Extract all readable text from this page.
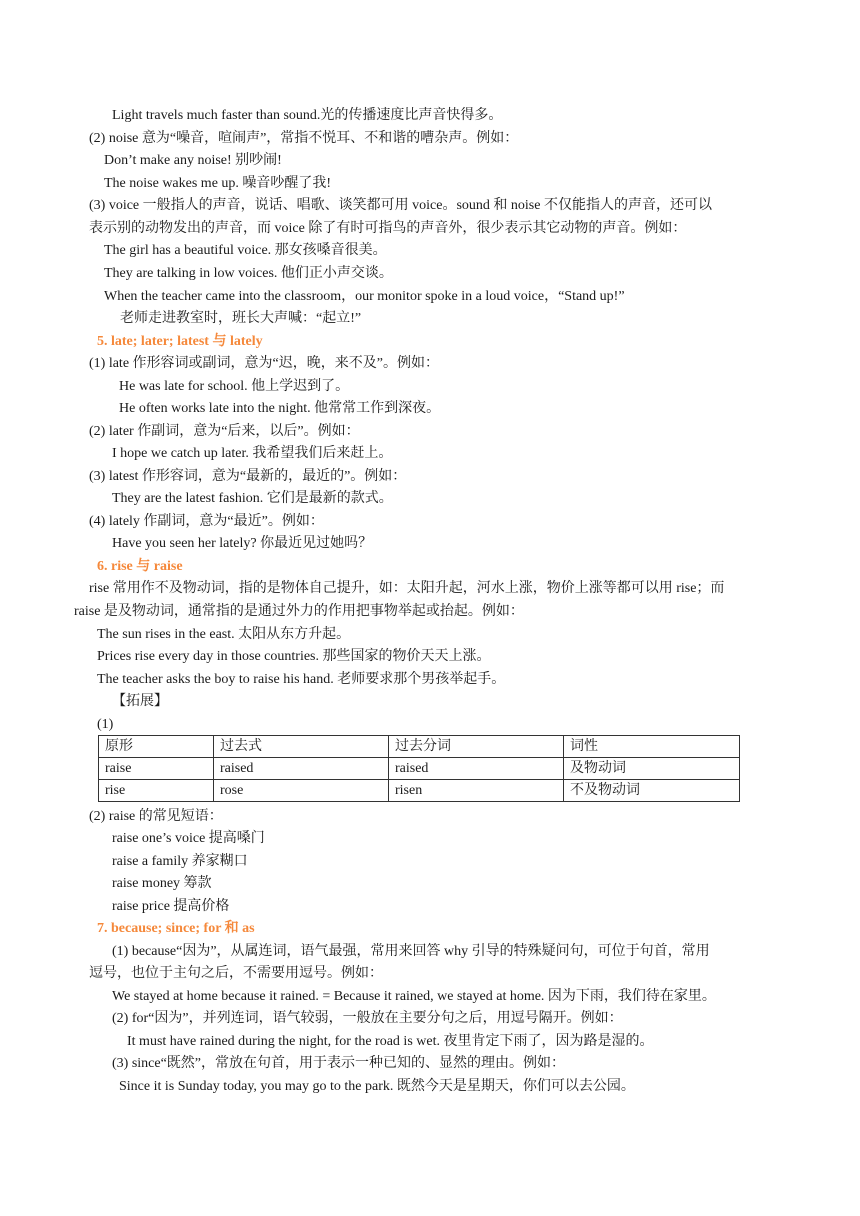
Light travels much faster than sound.光的传播速度比声音快得多。
(2) noise 意为“噪音，喧闹声”，常指不悦耳、不和谐的嘈杂声。例如：
Don’t make any noise! 别吵闹!
The noise wakes me up. 噪音吵醒了我!
(3) voice 一般指人的声音，说话、唱歌、谈笑都可用 voice。sound 和 noise 不仅能指人的声音，还可以
表示别的动物发出的声音，而 voice 除了有时可指鸟的声音外，很少表示其它动物的声音。例如：
The girl has a beautiful voice. 那女孩嗓音很美。
They are talking in low voices. 他们正小声交谈。
When the teacher came into the classroom，our monitor spoke in a loud voice，“Stand up!”
老师走进教室时，班长大声喊：“起立!”
5. late; later; latest 与 lately
(1) late 作形容词或副词，意为“迟，晚，来不及”。例如：
He was late for school. 他上学迟到了。
He often works late into the night. 他常常工作到深夜。
(2) later 作副词，意为“后来，以后”。例如：
I hope we catch up later. 我希望我们后来赶上。
(3) latest 作形容词，意为“最新的，最近的”。例如：
They are the latest fashion. 它们是最新的款式。
(4) lately 作副词，意为“最近”。例如：
Have you seen her lately? 你最近见过她吗？
6. rise 与 raise
rise 常用作不及物动词，指的是物体自己提升，如：太阳升起，河水上涨，物价上涨等都可以用 rise；而
raise 是及物动词，通常指的是通过外力的作用把事物举起或抬起。例如：
The sun rises in the east. 太阳从东方升起。
Prices rise every day in those countries. 那些国家的物价天天上涨。
The teacher asks the boy to raise his hand. 老师要求那个男孩举起手。
【拓展】
(1)
原形	过去式	过去分词	词性
raise	raised	raised	及物动词
rise	rose	risen	不及物动词
(2) raise 的常见短语：
raise one’s voice 提高嗓门
raise a family 养家糊口
raise money 筹款
raise price 提高价格
7. because; since; for 和 as
(1) because“因为”，从属连词，语气最强，常用来回答 why 引导的特殊疑问句，可位于句首，常用
逗号，也位于主句之后，不需要用逗号。例如：
We stayed at home because it rained. = Because it rained, we stayed at home. 因为下雨，我们待在家里。
(2) for“因为”，并列连词，语气较弱，一般放在主要分句之后，用逗号隔开。例如：
It must have rained during the night, for the road is wet. 夜里肯定下雨了，因为路是湿的。
(3) since“既然”，常放在句首，用于表示一种已知的、显然的理由。例如：
Since it is Sunday today, you may go to the park. 既然今天是星期天，你们可以去公园。
